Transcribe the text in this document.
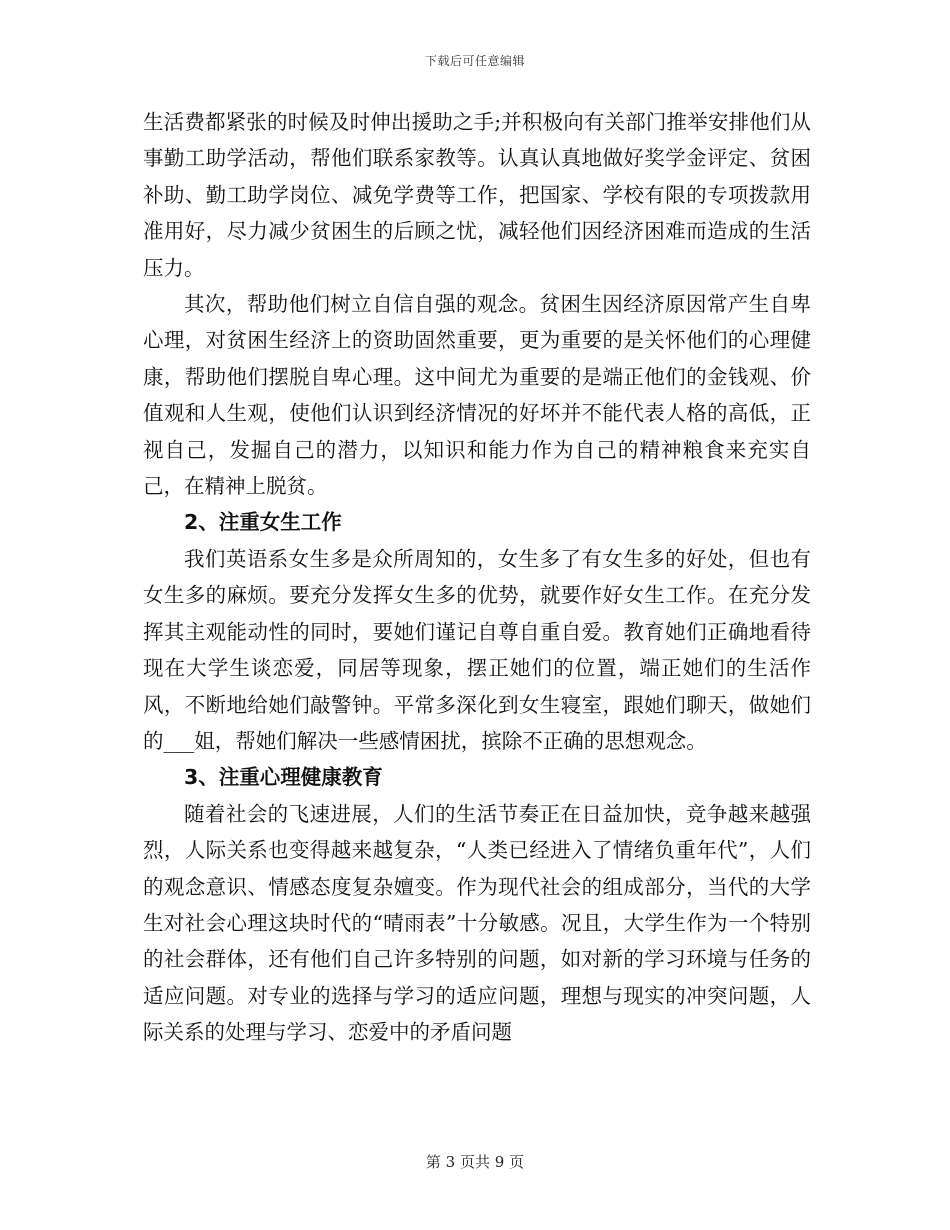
下载后可任意编辑

生活费都紧张的时候及时伸出援助之手;并积极向有关部门推举安排他们从事勤工助学活动，帮他们联系家教等。认真认真地做好奖学金评定、贫困补助、勤工助学岗位、减免学费等工作，把国家、学校有限的专项拨款用准用好，尽力减少贫困生的后顾之忧，减轻他们因经济困难而造成的生活压力。

其次，帮助他们树立自信自强的观念。贫困生因经济原因常产生自卑心理，对贫困生经济上的资助固然重要，更为重要的是关怀他们的心理健康，帮助他们摆脱自卑心理。这中间尤为重要的是端正他们的金钱观、价值观和人生观，使他们认识到经济情况的好坏并不能代表人格的高低，正视自己，发掘自己的潜力，以知识和能力作为自己的精神粮食来充实自己，在精神上脱贫。

2、注重女生工作

我们英语系女生多是众所周知的，女生多了有女生多的好处，但也有女生多的麻烦。要充分发挥女生多的优势，就要作好女生工作。在充分发挥其主观能动性的同时，要她们谨记自尊自重自爱。教育她们正确地看待现在大学生谈恋爱，同居等现象，摆正她们的位置，端正她们的生活作风，不断地给她们敲警钟。平常多深化到女生寝室，跟她们聊天，做她们的___姐，帮她们解决一些感情困扰，摈除不正确的思想观念。

3、注重心理健康教育

随着社会的飞速进展，人们的生活节奏正在日益加快，竞争越来越强烈，人际关系也变得越来越复杂，“人类已经进入了情绪负重年代”，人们的观念意识、情感态度复杂嬗变。作为现代社会的组成部分，当代的大学生对社会心理这块时代的“晴雨表”十分敏感。况且，大学生作为一个特别的社会群体，还有他们自己许多特别的问题，如对新的学习环境与任务的适应问题。对专业的选择与学习的适应问题，理想与现实的冲突问题，人际关系的处理与学习、恋爱中的矛盾问题

第 3 页共 9 页
